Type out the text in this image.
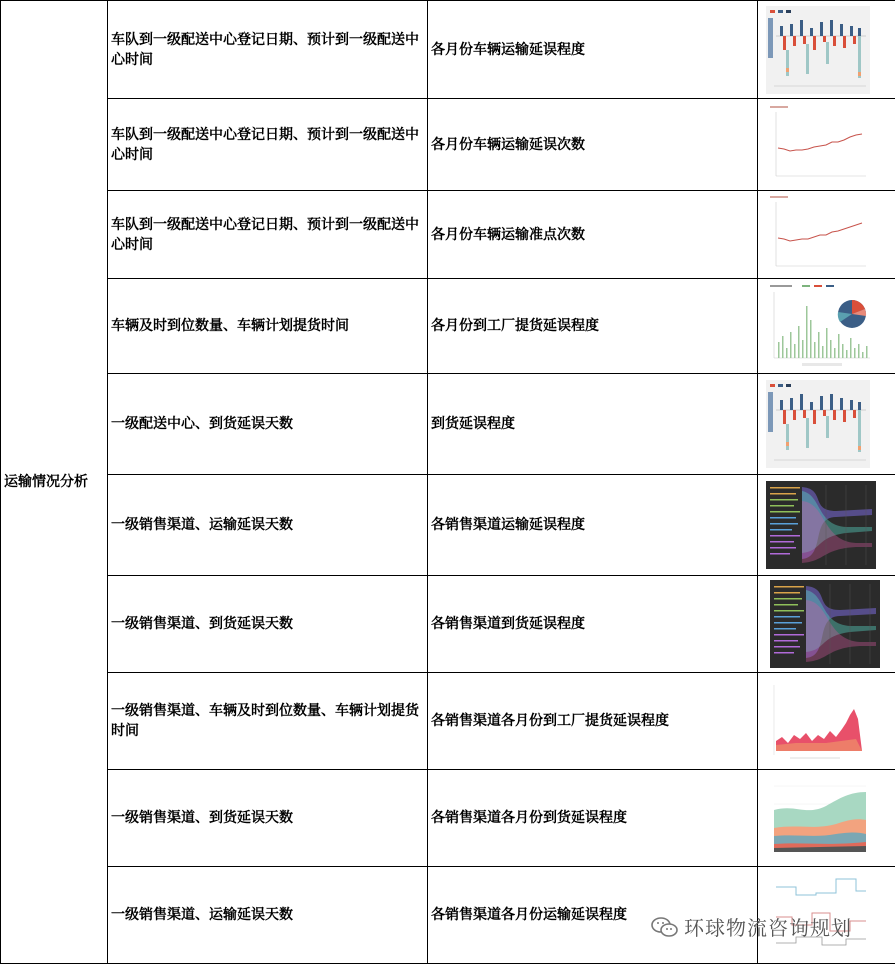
运输情况分析	车队到一级配送中心登记日期、预计到一级配送中心时间	各月份车辆运输延误程度	

	车队到一级配送中心登记日期、预计到一级配送中心时间	各月份车辆运输延误次数	

	车队到一级配送中心登记日期、预计到一级配送中心时间	各月份车辆运输准点次数	

	车辆及时到位数量、车辆计划提货时间	各月份到工厂提货延误程度	

	一级配送中心、到货延误天数	到货延误程度	

	一级销售渠道、运输延误天数	各销售渠道运输延误程度	

	一级销售渠道、到货延误天数	各销售渠道到货延误程度	

	一级销售渠道、车辆及时到位数量、车辆计划提货时间	各销售渠道各月份到工厂提货延误程度	

	一级销售渠道、到货延误天数	各销售渠道各月份到货延误程度	

	一级销售渠道、运输延误天数	各销售渠道各月份运输延误程度	
环球物流咨询规划
